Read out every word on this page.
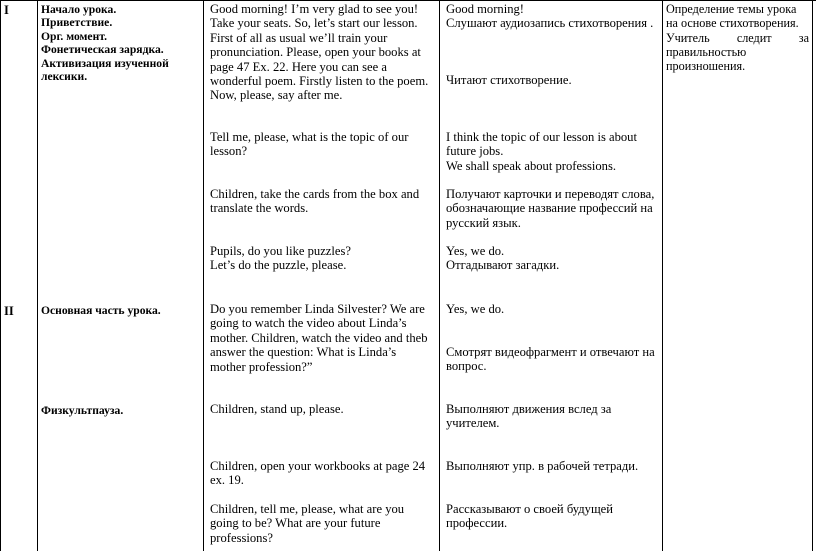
I
II
Начало урока.
Приветствие.
Орг. момент.
Фонетическая зарядка.
Активизация изученной лексики.
Основная часть урока.
Физкультпауза.
Good morning! I’m very glad to see you! Take your seats. So, let’s start our lesson. First of all as usual we’ll train your pronunciation. Please, open your books at page 47 Ex. 22. Here you can see a wonderful poem. Firstly listen to the poem. Now, please, say after me.
Tell me, please, what is the topic of our lesson?
Children, take the cards from the box and translate the words.
Pupils, do you like puzzles?
Let’s do the puzzle, please.
Do you remember Linda Silvester? We are going to watch the video about Linda’s mother. Children, watch the video and theb answer the question: What is Linda’s mother profession?”
Children, stand up, please.
Children, open your workbooks at page 24 ex. 19.
Children, tell me, please, what are you going to be? What are your future professions?
Good morning!
Слушают аудиозапись стихотворения .
Читают стихотворение.
I think the topic of our lesson is about future jobs.
We shall speak about professions.
Получают карточки и переводят слова, обозначающие название профессий на русский язык.
Yes, we do.
Отгадывают загадки.
Yes, we do.
Смотрят видеофрагмент и отвечают на вопрос.
Выполняют движения вслед за учителем.
Выполняют упр. в рабочей тетради.
Рассказывают о своей будущей профессии.
Определение темы урока на основе стихотворения.
Учитель следит за
правильностью произношения.
